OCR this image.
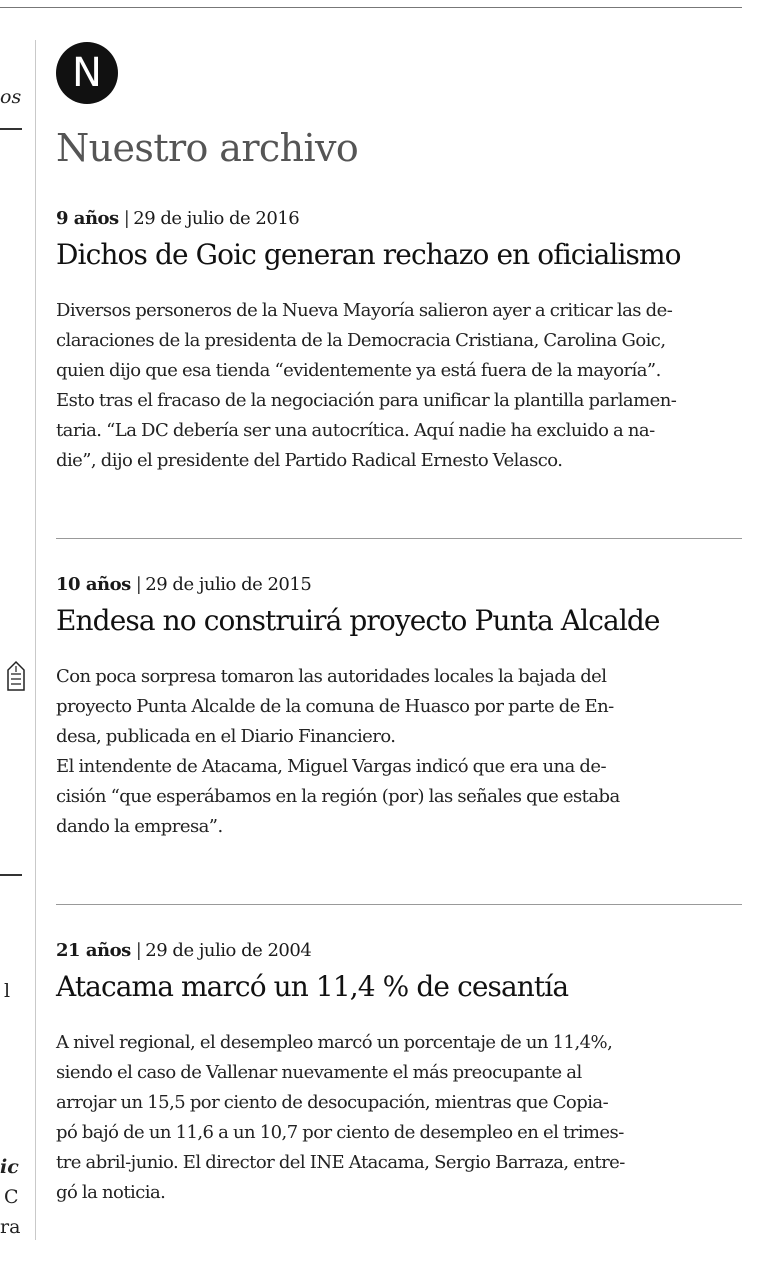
os
l
ic
C
ra
N
Nuestro archivo
9 años | 29 de julio de 2016
Dichos de Goic generan rechazo en oficialismo

Diversos personeros de la Nueva Mayoría salieron ayer a criticar las de-
claraciones de la presidenta de la Democracia Cristiana, Carolina Goic,
quien dijo que esa tienda “evidentemente ya está fuera de la mayoría”.
Esto tras el fracaso de la negociación para unificar la plantilla parlamen-
taria. “La DC debería ser una autocrítica. Aquí nadie ha excluido a na-
die”, dijo el presidente del Partido Radical Ernesto Velasco.

10 años | 29 de julio de 2015
Endesa no construirá proyecto Punta Alcalde

Con poca sorpresa tomaron las autoridades locales la bajada del
proyecto Punta Alcalde de la comuna de Huasco por parte de En-
desa, publicada en el Diario Financiero.
El intendente de Atacama, Miguel Vargas indicó que era una de-
cisión “que esperábamos en la región (por) las señales que estaba
dando la empresa”.

21 años | 29 de julio de 2004
Atacama marcó un 11,4 % de cesantía

A nivel regional, el desempleo marcó un porcentaje de un 11,4%,
siendo el caso de Vallenar nuevamente el más preocupante al
arrojar un 15,5 por ciento de desocupación, mientras que Copia-
pó bajó de un 11,6 a un 10,7 por ciento de desempleo en el trimes-
tre abril-junio. El director del INE Atacama, Sergio Barraza, entre-
gó la noticia.
